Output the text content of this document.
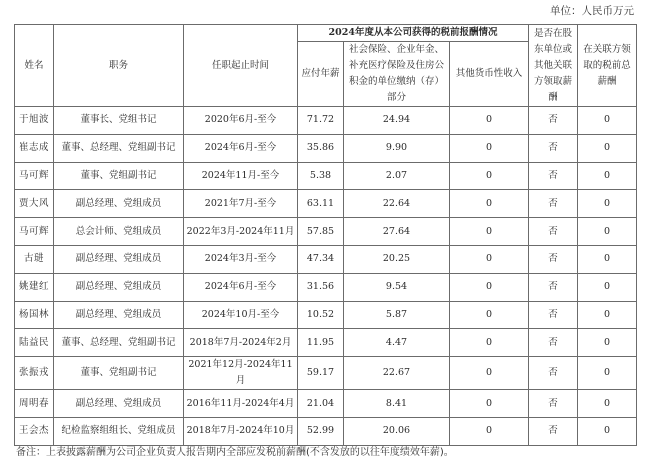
单位：人民币万元
姓名	职务	任职起止时间	2024年度从本公司获得的税前报酬情况			是否在股东单位或其他关联方领取薪酬	在关联方领取的税前总薪酬
			应付年薪	社会保险、企业年金、补充医疗保险及住房公积金的单位缴纳（存）部分	其他货币性收入		
于旭波	董事长、党组书记	2020年6月-至今	71.72	24.94	0	否	0
崔志成	董事、总经理、党组副书记	2024年6月-至今	35.86	9.90	0	否	0
马可辉	董事、党组副书记	2024年11月-至今	5.38	2.07	0	否	0
贾大风	副总经理、党组成员	2021年7月-至今	63.11	22.64	0	否	0
马可辉	总会计师、党组成员	2022年3月-2024年11月	57.85	27.64	0	否	0
古琎	副总经理、党组成员	2024年3月-至今	47.34	20.25	0	否	0
姚建红	副总经理、党组成员	2024年6月-至今	31.56	9.54	0	否	0
杨国林	副总经理、党组成员	2024年10月-至今	10.52	5.87	0	否	0
陆益民	董事、总经理、党组副书记	2018年7月-2024年2月	11.95	4.47	0	否	0
张振戎	董事、党组副书记	2021年12月-2024年11月	59.17	22.67	0	否	0
周明春	副总经理、党组成员	2016年11月-2024年4月	21.04	8.41	0	否	0
王会杰	纪检监察组组长、党组成员	2018年7月-2024年10月	52.99	20.06	0	否	0
备注：上表披露薪酬为公司企业负责人报告期内全部应发税前薪酬(不含发放的以往年度绩效年薪)。
